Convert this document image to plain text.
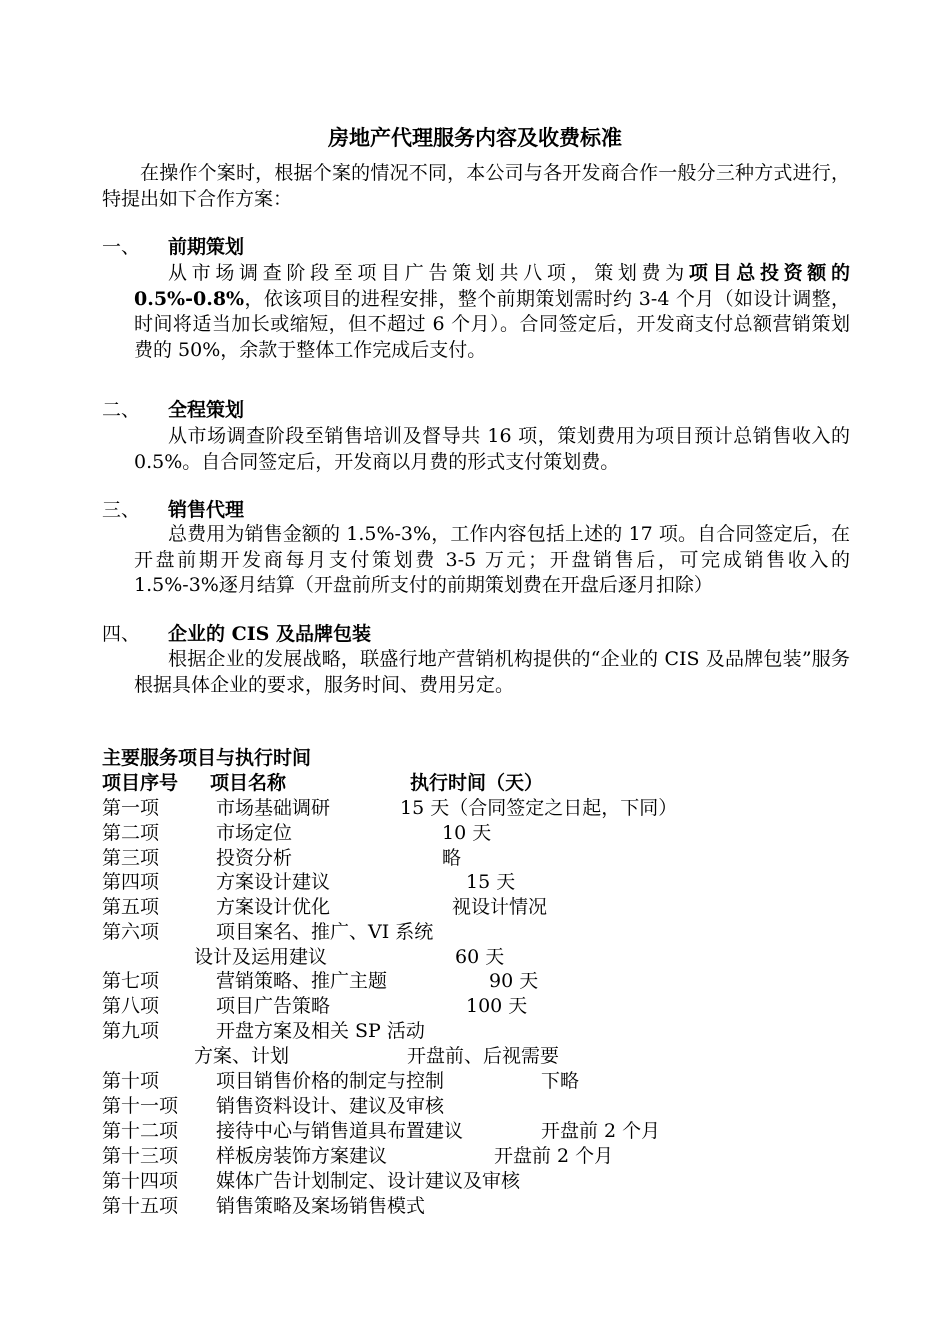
房地产代理服务内容及收费标准
在操作个案时，根据个案的情况不同，本公司与各开发商合作一般分三种方式进行，特提出如下合作方案：
一、 前期策划
从市场调查阶段至项目广告策划共八项，策划费为项目总投资额的 0.5%-0.8%，依该项目的进程安排，整个前期策划需时约 3-4 个月（如设计调整，时间将适当加长或缩短，但不超过 6 个月）。合同签定后，开发商支付总额营销策划费的 50%，余款于整体工作完成后支付。
二、 全程策划
从市场调查阶段至销售培训及督导共 16 项，策划费用为项目预计总销售收入的 0.5%。自合同签定后，开发商以月费的形式支付策划费。
三、 销售代理
总费用为销售金额的 1.5%-3%，工作内容包括上述的 17 项。自合同签定后，在开盘前期开发商每月支付策划费 3-5 万元；开盘销售后，可完成销售收入的 1.5%-3%逐月结算（开盘前所支付的前期策划费在开盘后逐月扣除）
四、 企业的 CIS 及品牌包装
根据企业的发展战略，联盛行地产营销机构提供的“企业的 CIS 及品牌包装”服务根据具体企业的要求，服务时间、费用另定。
主要服务项目与执行时间
项目序号 项目名称	执行时间（天）
第一项	市场基础调研	15 天（合同签定之日起，下同）
第二项	市场定位	10 天
第三项	投资分析	略
第四项	方案设计建议	15 天
第五项	方案设计优化	视设计情况
第六项	项目案名、推广、VI 系统
设计及运用建议	60 天
第七项	营销策略、推广主题	90 天
第八项	项目广告策略	100 天
第九项	开盘方案及相关 SP 活动
方案、计划	开盘前、后视需要
第十项	项目销售价格的制定与控制	下略
第十一项 销售资料设计、建议及审核
第十二项 接待中心与销售道具布置建议	开盘前 2 个月
第十三项 样板房装饰方案建议	开盘前 2 个月
第十四项 媒体广告计划制定、设计建议及审核
第十五项 销售策略及案场销售模式
